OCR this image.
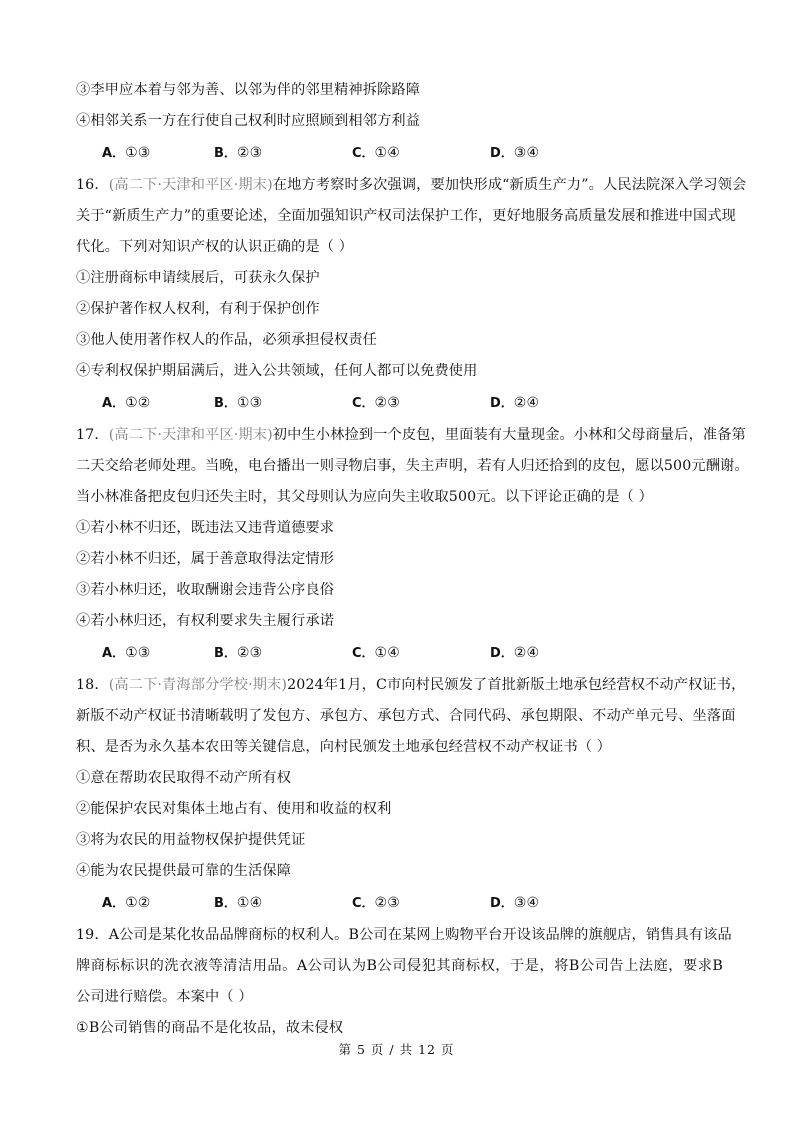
③李甲应本着与邻为善、以邻为伴的邻里精神拆除路障
④相邻关系一方在行使自己权利时应照顾到相邻方利益
A．①③	B．②③	C．①④	D．③④
16．(高二下·天津和平区·期末)在地方考察时多次强调，要加快形成“新质生产力”。人民法院深入学习领会
关于“新质生产力”的重要论述，全面加强知识产权司法保护工作，更好地服务高质量发展和推进中国式现
代化。下列对知识产权的认识正确的是（ ）
①注册商标申请续展后，可获永久保护
②保护著作权人权利，有利于保护创作
③他人使用著作权人的作品，必须承担侵权责任
④专利权保护期届满后，进入公共领域，任何人都可以免费使用
A．①②	B．①③	C．②③	D．②④
17．(高二下·天津和平区·期末)初中生小林捡到一个皮包，里面装有大量现金。小林和父母商量后，准备第
二天交给老师处理。当晚，电台播出一则寻物启事，失主声明，若有人归还拾到的皮包，愿以500元酬谢。
当小林准备把皮包归还失主时，其父母则认为应向失主收取500元。以下评论正确的是（ ）
①若小林不归还，既违法又违背道德要求
②若小林不归还，属于善意取得法定情形
③若小林归还，收取酬谢会违背公序良俗
④若小林归还，有权利要求失主履行承诺
A．①③	B．②③	C．①④	D．②④
18．(高二下·青海部分学校·期末)2024年1月，C市向村民颁发了首批新版土地承包经营权不动产权证书，
新版不动产权证书清晰载明了发包方、承包方、承包方式、合同代码、承包期限、不动产单元号、坐落面
积、是否为永久基本农田等关键信息，向村民颁发土地承包经营权不动产权证书（ ）
①意在帮助农民取得不动产所有权
②能保护农民对集体土地占有、使用和收益的权利
③将为农民的用益物权保护提供凭证
④能为农民提供最可靠的生活保障
A．①②	B．①④	C．②③	D．③④
19．A公司是某化妆品品牌商标的权利人。B公司在某网上购物平台开设该品牌的旗舰店，销售具有该品
牌商标标识的洗衣液等清洁用品。A公司认为B公司侵犯其商标权，于是，将B公司告上法庭，要求B
公司进行赔偿。本案中（ ）
①B公司销售的商品不是化妆品，故未侵权
第 5 页 / 共 12 页
